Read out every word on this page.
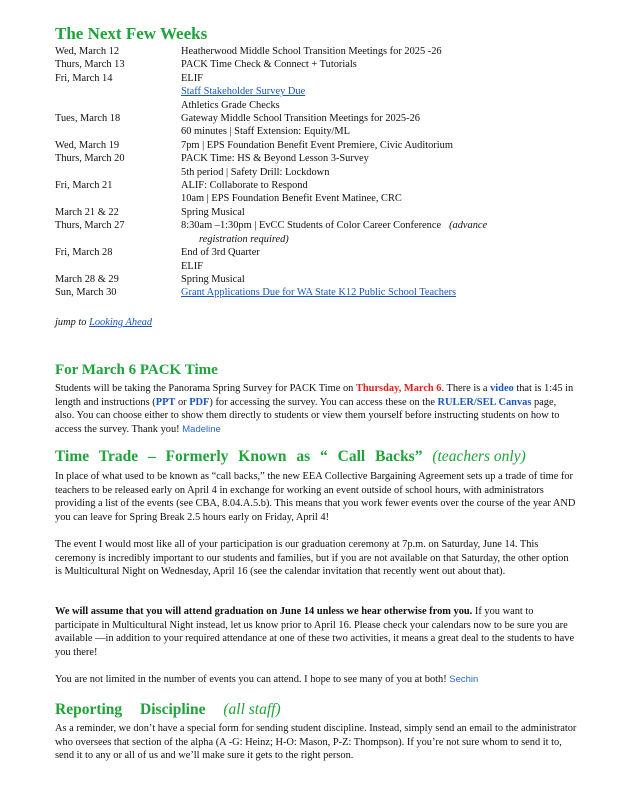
The Next Few Weeks
Wed, March 12	Heatherwood Middle School Transition Meetings for 2025 -26
Thurs, March 13	PACK Time Check & Connect + Tutorials
Fri, March 14	ELIF
Staff Stakeholder Survey Due
Athletics Grade Checks
Tues, March 18	Gateway Middle School Transition Meetings for 2025-26
60 minutes | Staff Extension: Equity/ML
Wed, March 19	7pm | EPS Foundation Benefit Event Premiere, Civic Auditorium
Thurs, March 20	PACK Time: HS & Beyond Lesson 3-Survey
5th period | Safety Drill: Lockdown
Fri, March 21	ALIF: Collaborate to Respond
10am | EPS Foundation Benefit Event Matinee, CRC
March 21 & 22	Spring Musical
Thurs, March 27	8:30am –1:30pm | EvCC Students of Color Career Conference (advance
registration required)
Fri, March 28	End of 3rd Quarter
ELIF
March 28 & 29	Spring Musical
Sun, March 30	Grant Applications Due for WA State K12 Public School Teachers
jump to Looking Ahead
For March 6 PACK Time

Students will be taking the Panorama Spring Survey for PACK Time on Thursday, March 6. There is a video that is 1:45 in length and instructions (PPT or PDF) for accessing the survey. You can access these on the RULER/SEL Canvas page, also. You can choose either to show them directly to students or view them yourself before instructing students on how to access the survey. Thank you! Madeline

Time Trade – Formerly Known as “ Call Backs” (teachers only)

In place of what used to be known as “call backs,” the new EEA Collective Bargaining Agreement sets up a trade of time for teachers to be released early on April 4 in exchange for working an event outside of school hours, with administrators providing a list of the events (see CBA, 8.04.A.5.b). This means that you work fewer events over the course of the year AND you can leave for Spring Break 2.5 hours early on Friday, April 4!

The event I would most like all of your participation is our graduation ceremony at 7p.m. on Saturday, June 14. This ceremony is incredibly important to our students and families, but if you are not available on that Saturday, the other option is Multicultural Night on Wednesday, April 16 (see the calendar invitation that recently went out about that).

We will assume that you will attend graduation on June 14 unless we hear otherwise from you. If you want to participate in Multicultural Night instead, let us know prior to April 16. Please check your calendars now to be sure you are available —in addition to your required attendance at one of these two activities, it means a great deal to the students to have you there!

You are not limited in the number of events you can attend. I hope to see many of you at both! Sechin

Reporting Discipline (all staff)

As a reminder, we don’t have a special form for sending student discipline. Instead, simply send an email to the administrator who oversees that section of the alpha (A -G: Heinz; H-O: Mason, P-Z: Thompson). If you’re not sure whom to send it to, send it to any or all of us and we’ll make sure it gets to the right person.
